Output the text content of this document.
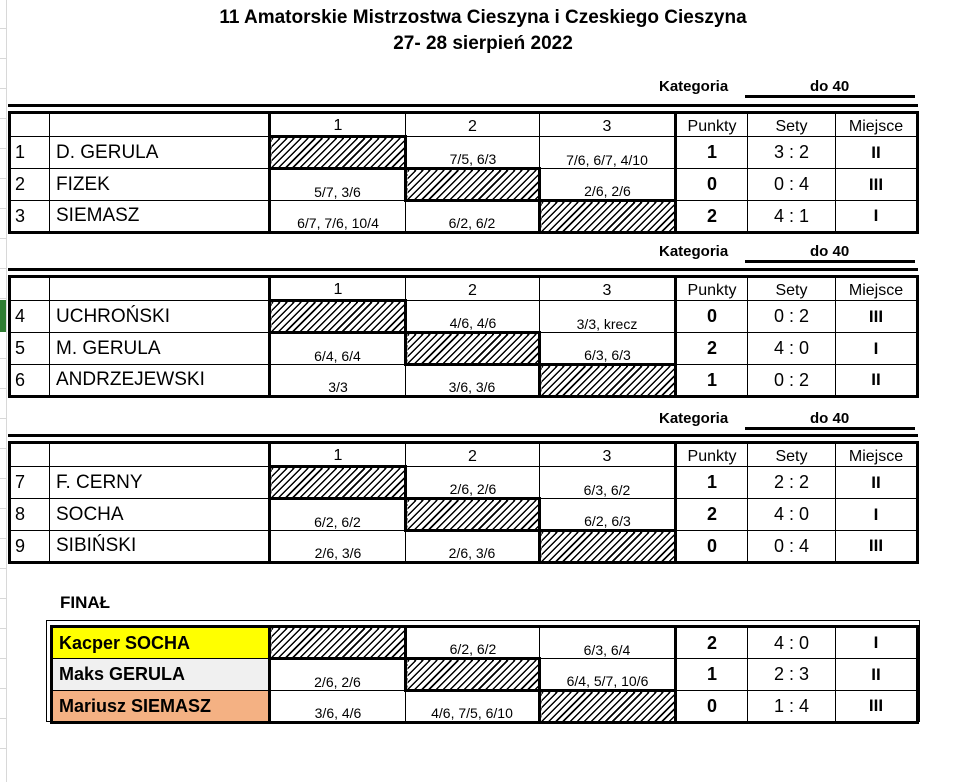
11 Amatorskie Mistrzostwa Cieszyna i Czeskiego Cieszyna
27- 28 sierpień 2022
Kategoria	do 40
		1	2	3	Punkty	Sety	Miejsce
1	D. GERULA		7/5, 6/3	7/6, 6/7, 4/10	1	3 : 2	II
2	FIZEK	5/7, 3/6		2/6, 2/6	0	0 : 4	III
3	SIEMASZ	6/7, 7/6, 10/4	6/2, 6/2		2	4 : 1	I
Kategoria	do 40
		1	2	3	Punkty	Sety	Miejsce
4	UCHROŃSKI		4/6, 4/6	3/3, krecz	0	0 : 2	III
5	M. GERULA	6/4, 6/4		6/3, 6/3	2	4 : 0	I
6	ANDRZEJEWSKI	3/3	3/6, 3/6		1	0 : 2	II
Kategoria	do 40
		1	2	3	Punkty	Sety	Miejsce
7	F. CERNY		2/6, 2/6	6/3, 6/2	1	2 : 2	II
8	SOCHA	6/2, 6/2		6/2, 6/3	2	4 : 0	I
9	SIBIŃSKI	2/6, 3/6	2/6, 3/6		0	0 : 4	III
FINAŁ
Kacper SOCHA		6/2, 6/2	6/3, 6/4	2	4 : 0	I
Maks GERULA	2/6, 2/6		6/4, 5/7, 10/6	1	2 : 3	II
Mariusz SIEMASZ	3/6, 4/6	4/6, 7/5, 6/10		0	1 : 4	III
